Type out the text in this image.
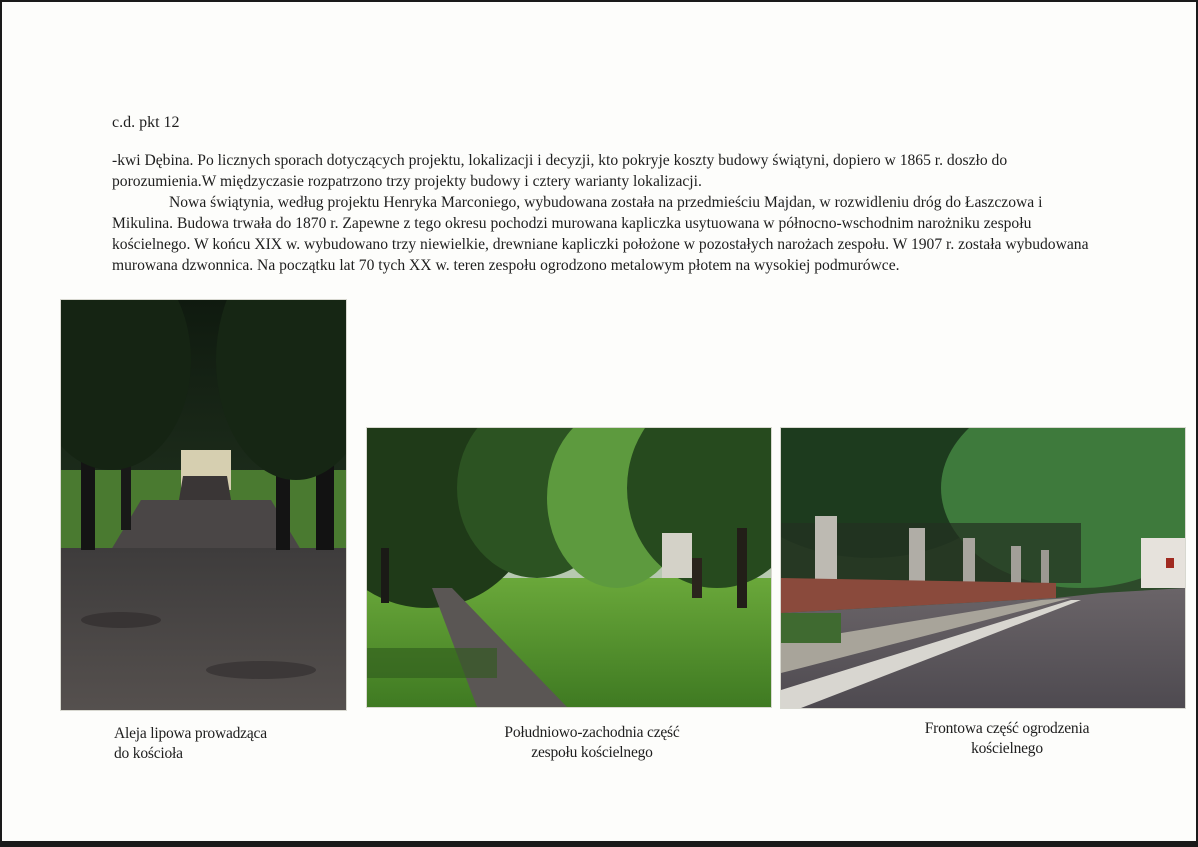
c.d. pkt 12

-kwi Dębina. Po licznych sporach dotyczących projektu, lokalizacji i decyzji, kto pokryje koszty budowy świątyni, dopiero w 1865 r. doszło do porozumienia.W międzyczasie rozpatrzono trzy projekty budowy i cztery warianty lokalizacji.

Nowa świątynia, według projektu Henryka Marconiego, wybudowana została na przedmieściu Majdan, w rozwidleniu dróg do Łaszczowa i Mikulina. Budowa trwała do 1870 r. Zapewne z tego okresu pochodzi murowana kapliczka usytuowana w północno-wschodnim narożniku zespołu kościelnego. W końcu XIX w. wybudowano trzy niewielkie, drewniane kapliczki położone w pozostałych narożach zespołu. W 1907 r. została wybudowana murowana dzwonnica. Na początku lat 70 tych XX w. teren zespołu ogrodzono metalowym płotem na wysokiej podmurówce.

Aleja lipowa prowadząca
do kościoła
Południowo-zachodnia część
zespołu kościelnego
Frontowa część ogrodzenia
kościelnego
